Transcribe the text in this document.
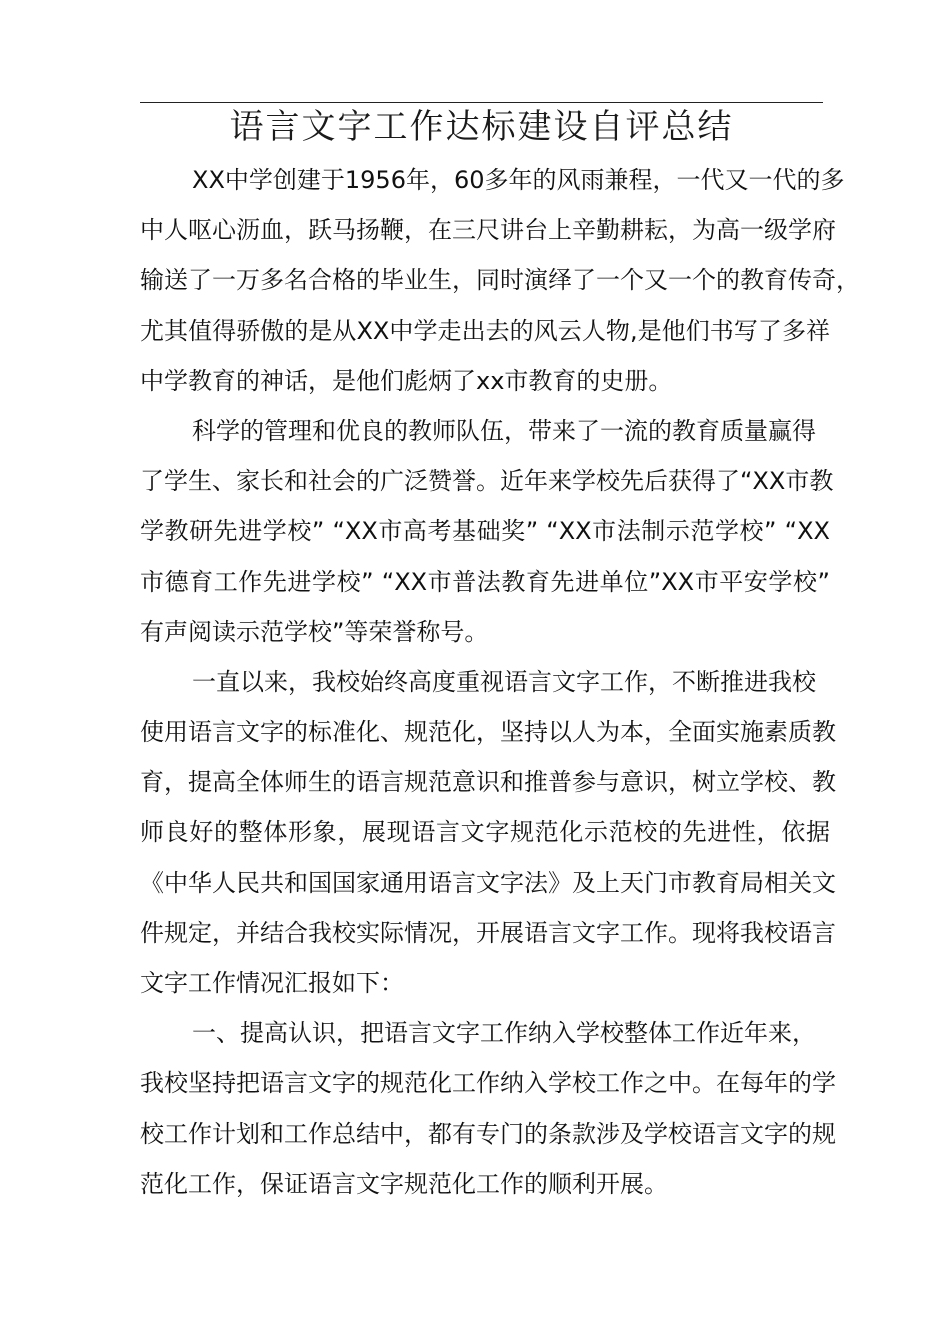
语言文字工作达标建设自评总结
XX中学创建于1956年，60多年的风雨兼程，一代又一代的多
中人呕心沥血，跃马扬鞭，在三尺讲台上辛勤耕耘，为高一级学府
输送了一万多名合格的毕业生，同时演绎了一个又一个的教育传奇，
尤其值得骄傲的是从XX中学走出去的风云人物,是他们书写了多祥
中学教育的神话，是他们彪炳了xx市教育的史册。
科学的管理和优良的教师队伍，带来了一流的教育质量赢得
了学生、家长和社会的广泛赞誉。近年来学校先后获得了“XX市教
学教研先进学校” “XX市高考基础奖” “XX市法制示范学校” “XX
市德育工作先进学校” “XX市普法教育先进单位”XX市平安学校”
有声阅读示范学校”等荣誉称号。
一直以来，我校始终高度重视语言文字工作，不断推进我校
使用语言文字的标准化、规范化，坚持以人为本，全面实施素质教
育，提高全体师生的语言规范意识和推普参与意识，树立学校、教
师良好的整体形象，展现语言文字规范化示范校的先进性，依据
《中华人民共和国国家通用语言文字法》及上天门市教育局相关文
件规定，并结合我校实际情况，开展语言文字工作。现将我校语言
文字工作情况汇报如下：
一、提高认识，把语言文字工作纳入学校整体工作近年来，
我校坚持把语言文字的规范化工作纳入学校工作之中。在每年的学
校工作计划和工作总结中，都有专门的条款涉及学校语言文字的规
范化工作，保证语言文字规范化工作的顺利开展。
